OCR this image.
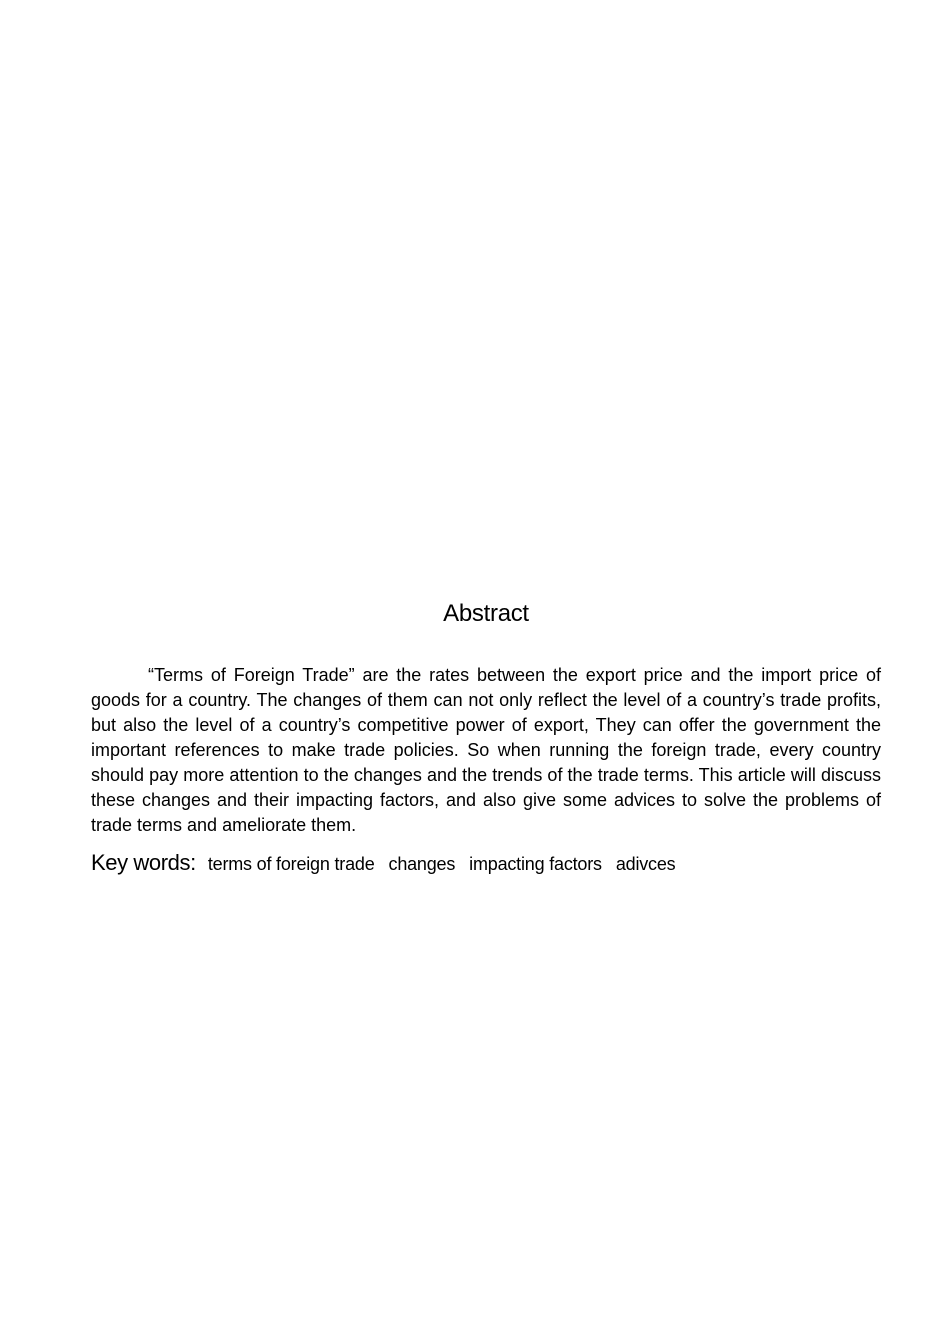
Abstract

“Terms of Foreign Trade” are the rates between the export price and the import price of goods for a country. The changes of them can not only reflect the level of a country’s trade profits, but also the level of a country’s competitive power of export, They can offer the government the important references to make trade policies. So when running the foreign trade, every country should pay more attention to the changes and the trends of the trade terms. This article will discuss these changes and their impacting factors, and also give some advices to solve the problems of trade terms and ameliorate them.

Key words: terms of foreign trade changes impacting factors adivces
